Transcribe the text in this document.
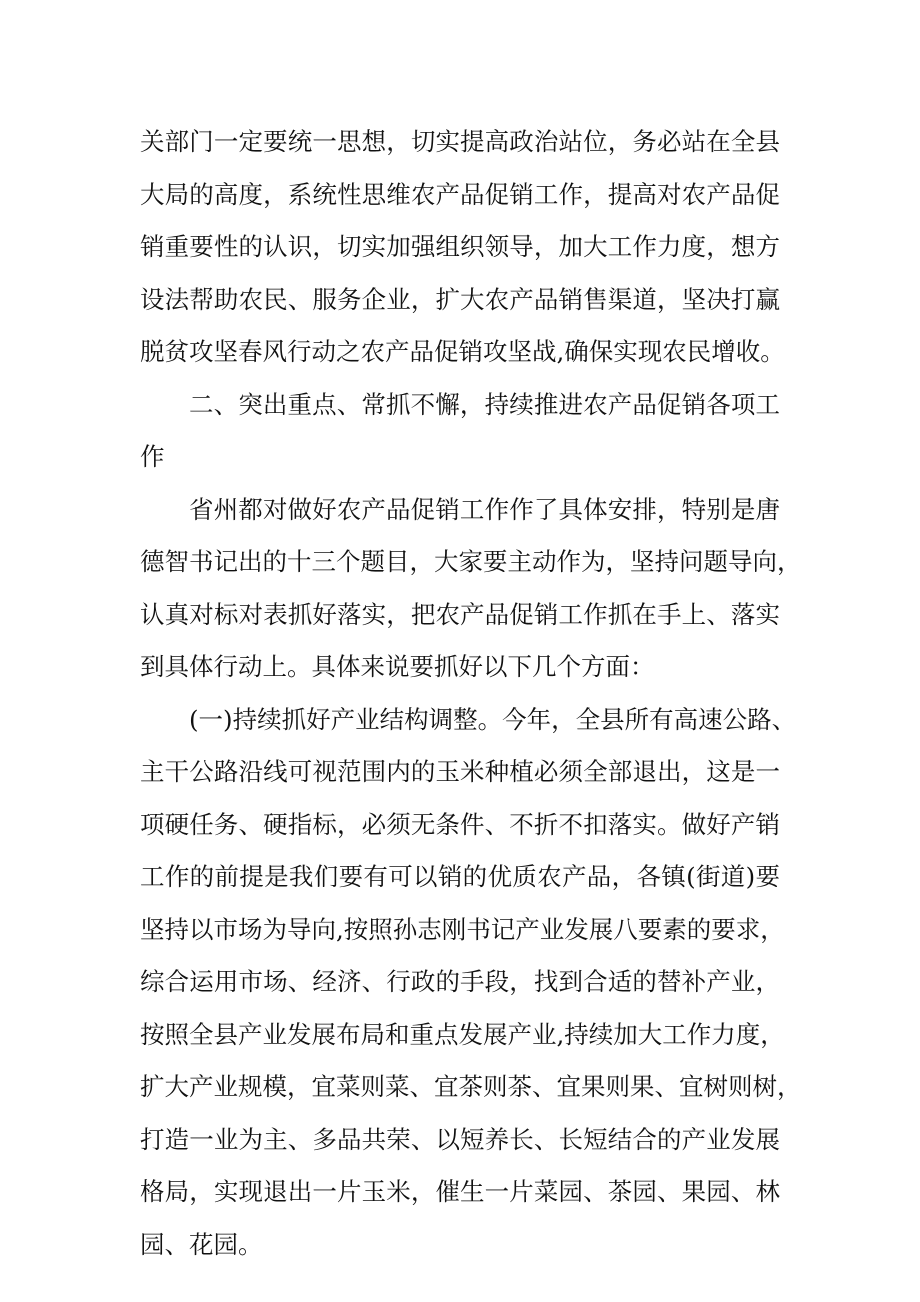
关部门一定要统一思想，切实提高政治站位，务必站在全县
大局的高度，系统性思维农产品促销工作，提高对农产品促
销重要性的认识，切实加强组织领导，加大工作力度，想方
设法帮助农民、服务企业，扩大农产品销售渠道，坚决打赢
脱贫攻坚春风行动之农产品促销攻坚战,确保实现农民增收。
二、突出重点、常抓不懈，持续推进农产品促销各项工
作
省州都对做好农产品促销工作作了具体安排，特别是唐
德智书记出的十三个题目，大家要主动作为，坚持问题导向，
认真对标对表抓好落实，把农产品促销工作抓在手上、落实
到具体行动上。具体来说要抓好以下几个方面：
(一)持续抓好产业结构调整。今年，全县所有高速公路、
主干公路沿线可视范围内的玉米种植必须全部退出，这是一
项硬任务、硬指标，必须无条件、不折不扣落实。做好产销
工作的前提是我们要有可以销的优质农产品，各镇(街道)要
坚持以市场为导向,按照孙志刚书记产业发展八要素的要求，
综合运用市场、经济、行政的手段，找到合适的替补产业，
按照全县产业发展布局和重点发展产业,持续加大工作力度，
扩大产业规模，宜菜则菜、宜茶则茶、宜果则果、宜树则树，
打造一业为主、多品共荣、以短养长、长短结合的产业发展
格局，实现退出一片玉米，催生一片菜园、茶园、果园、林
园、花园。
